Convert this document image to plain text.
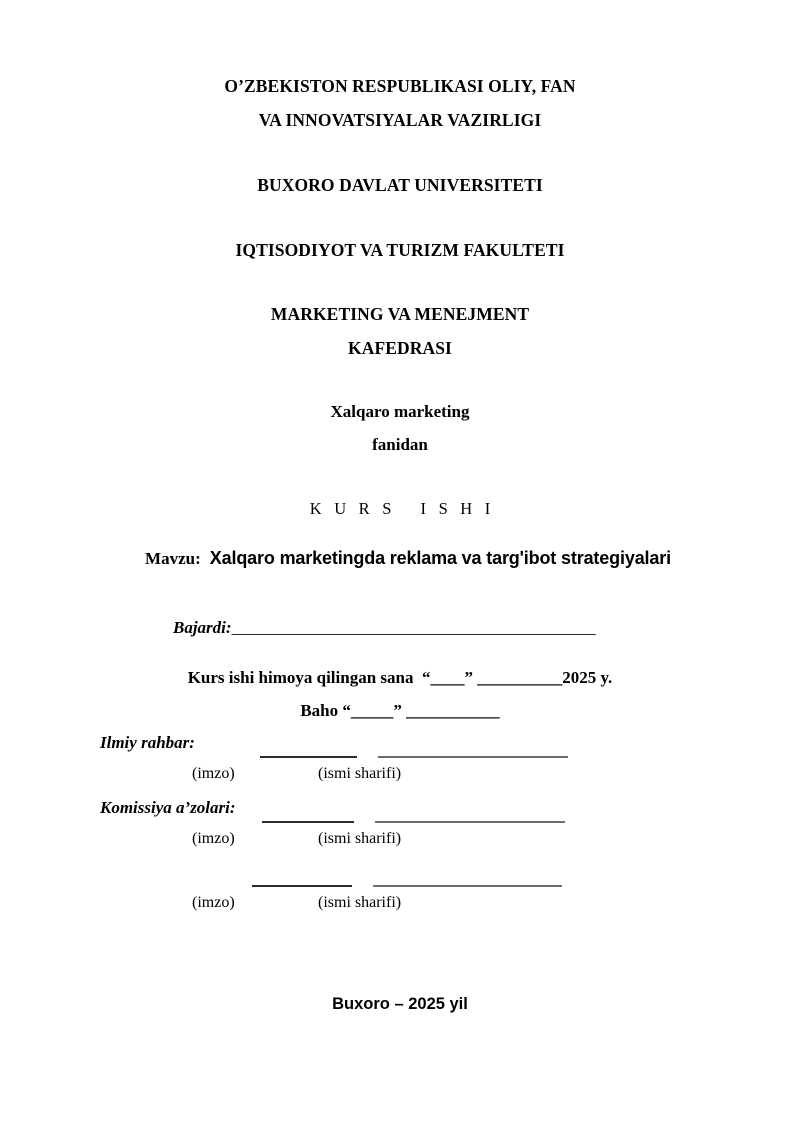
O’ZBEKISTON RESPUBLIKASI OLIY, FAN
VA INNOVATSIYALAR VAZIRLIGI
BUXORO DAVLAT UNIVERSITETI
IQTISODIYOT VA TURIZM FAKULTETI
MARKETING VA MENEJMENT
KAFEDRASI
Xalqaro marketing
fanidan
K U R S   I S H I

Mavzu: Xalqaro marketingda reklama va targ'ibot strategiyalari

Bajardi:______________________________________________

Kurs ishi himoya qilingan sana  “____” __________2025 y.
Baho “_____” ___________
Ilmiy rahbar:
(imzo)	(ismi sharifi)
Komissiya a’zolari:
(imzo)	(ismi sharifi)
(imzo)	(ismi sharifi)
Buxoro – 2025 yil
